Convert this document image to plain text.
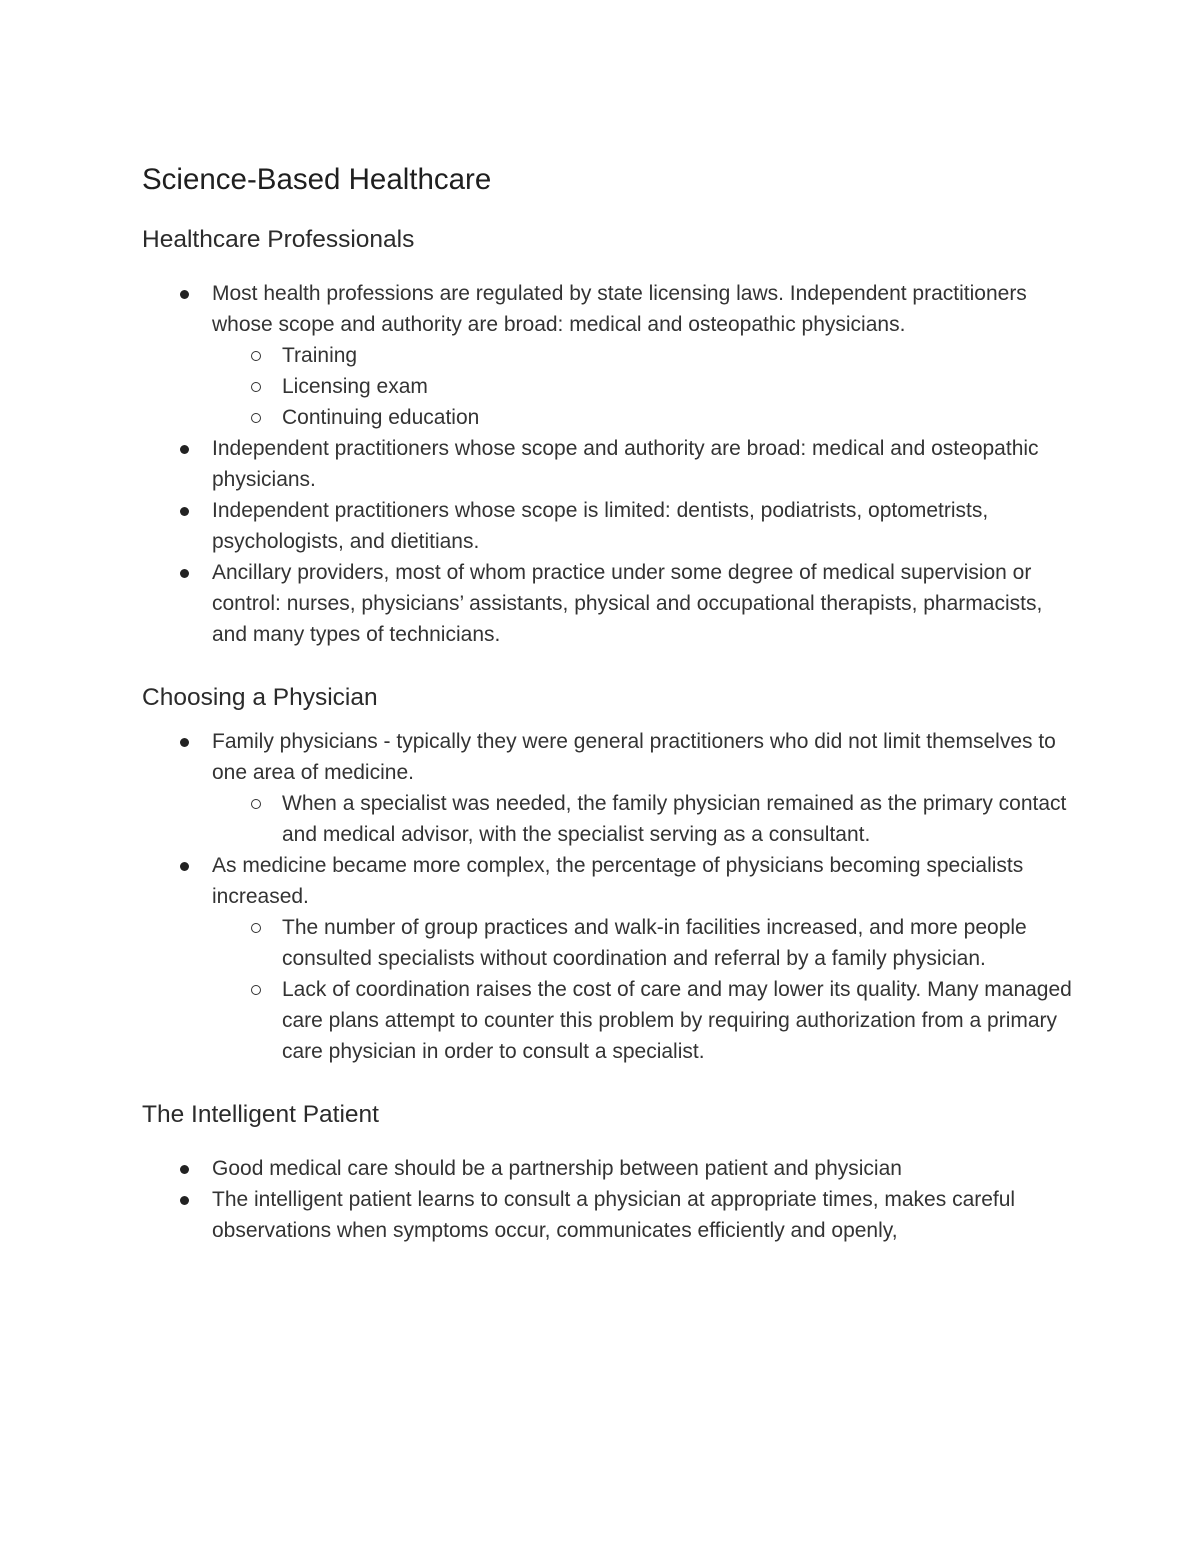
Science-Based Healthcare
Healthcare Professionals
Most health professions are regulated by state licensing laws. Independent practitioners whose scope and authority are broad: medical and osteopathic physicians.
Training
Licensing exam
Continuing education
Independent practitioners whose scope and authority are broad: medical and osteopathic physicians.
Independent practitioners whose scope is limited: dentists, podiatrists, optometrists, psychologists, and dietitians.
Ancillary providers, most of whom practice under some degree of medical supervision or control: nurses, physicians’ assistants, physical and occupational therapists, pharmacists, and many types of technicians.
Choosing a Physician
Family physicians - typically they were general practitioners who did not limit themselves to one area of medicine.
When a specialist was needed, the family physician remained as the primary contact and medical advisor, with the specialist serving as a consultant.
As medicine became more complex, the percentage of physicians becoming specialists increased.
The number of group practices and walk-in facilities increased, and more people consulted specialists without coordination and referral by a family physician.
Lack of coordination raises the cost of care and may lower its quality. Many managed care plans attempt to counter this problem by requiring authorization from a primary care physician in order to consult a specialist.
The Intelligent Patient
Good medical care should be a partnership between patient and physician
The intelligent patient learns to consult a physician at appropriate times, makes careful observations when symptoms occur, communicates efficiently and openly,
